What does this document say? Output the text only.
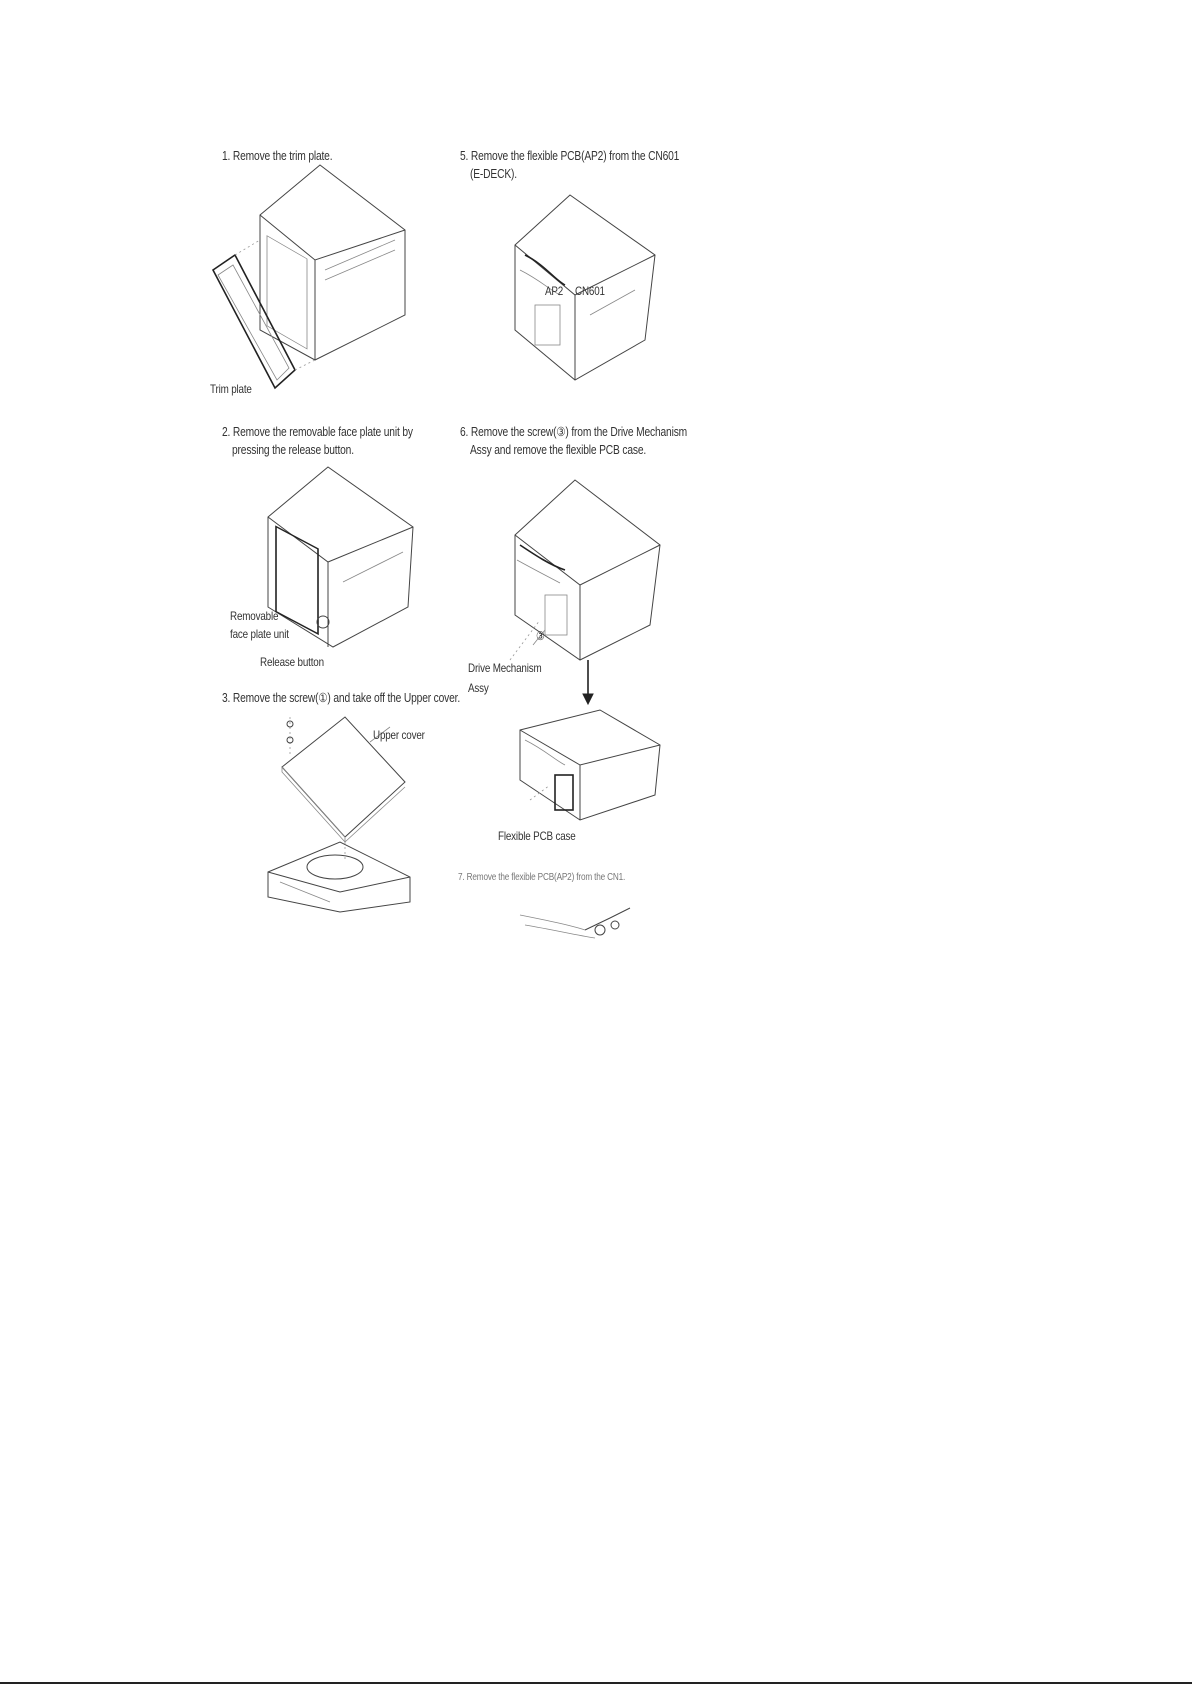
1. Remove the trim plate.
Trim plate
5. Remove the flexible PCB(AP2) from the CN601
(E-DECK).
AP2 CN601
2. Remove the removable face plate unit by
pressing the release button.
Removable
face plate unit
Release button
6. Remove the screw(③) from the Drive Mechanism
Assy and remove the flexible PCB case.
③
Drive Mechanism
Assy
Flexible PCB case
3. Remove the screw(①) and take off the Upper cover.
Upper cover
7. Remove the flexible PCB(AP2) from the CN1.
